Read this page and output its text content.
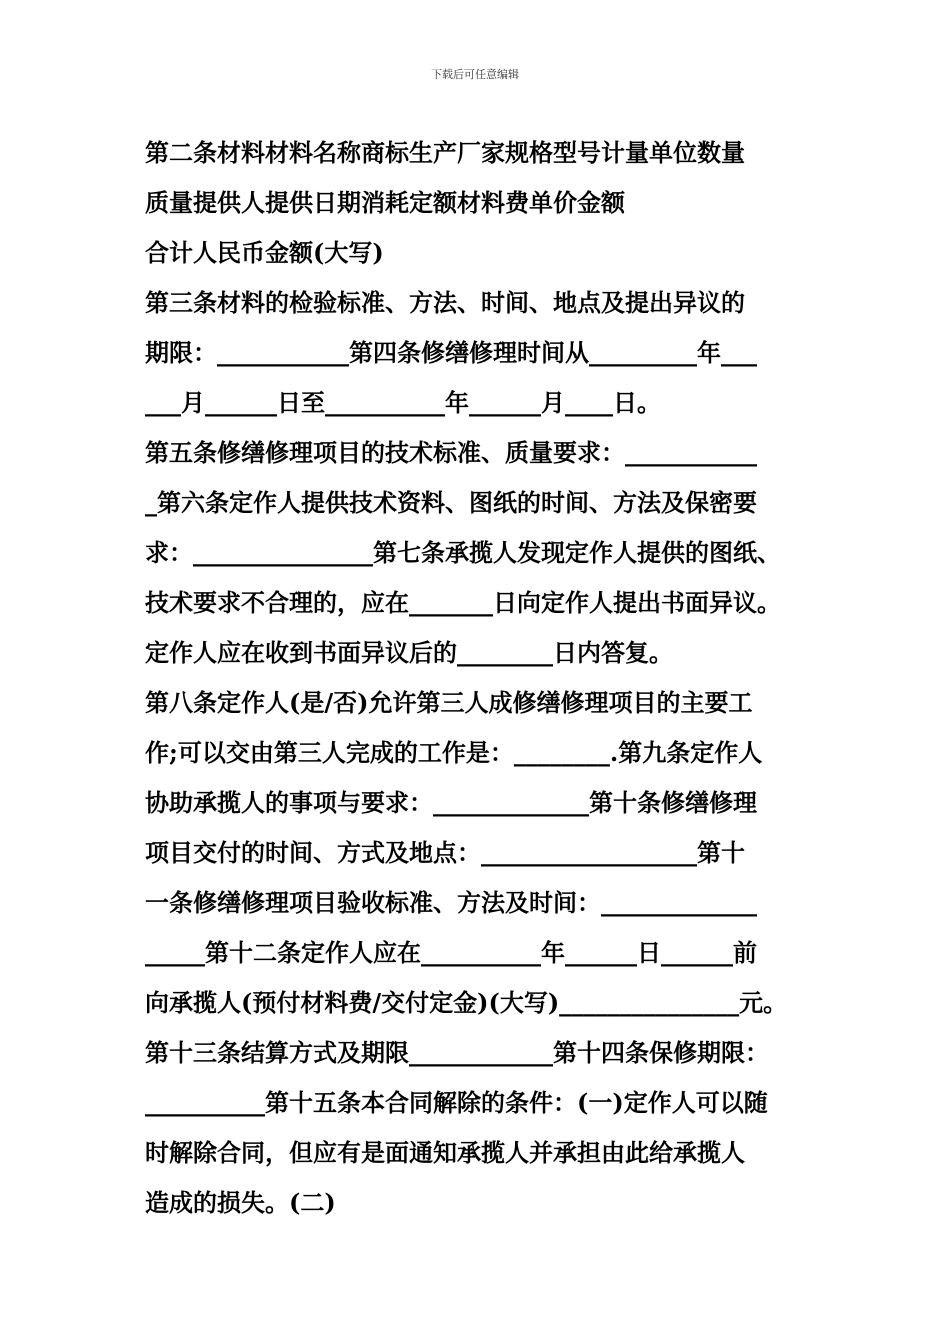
下载后可任意编辑
第二条材料材料名称商标生产厂家规格型号计量单位数量
质量提供人提供日期消耗定额材料费单价金额
合计人民币金额(大写)
第三条材料的检验标准、方法、时间、地点及提出异议的
期限：___________第四条修缮修理时间从_________年___
___月______日至__________年______月____日。
第五条修缮修理项目的技术标准、质量要求：___________
_第六条定作人提供技术资料、图纸的时间、方法及保密要
求：_______________第七条承揽人发现定作人提供的图纸、
技术要求不合理的，应在_______日向定作人提出书面异议。
定作人应在收到书面异议后的________日内答复。
第八条定作人(是/否)允许第三人成修缮修理项目的主要工
作;可以交由第三人完成的工作是：________.第九条定作人
协助承揽人的事项与要求：_____________第十条修缮修理
项目交付的时间、方式及地点：__________________第十
一条修缮修理项目验收标准、方法及时间：_____________
_____第十二条定作人应在__________年______日______前
向承揽人(预付材料费/交付定金)(大写)_______________元。
第十三条结算方式及期限____________第十四条保修期限：
__________第十五条本合同解除的条件：(一)定作人可以随
时解除合同，但应有是面通知承揽人并承担由此给承揽人
造成的损失。(二)
